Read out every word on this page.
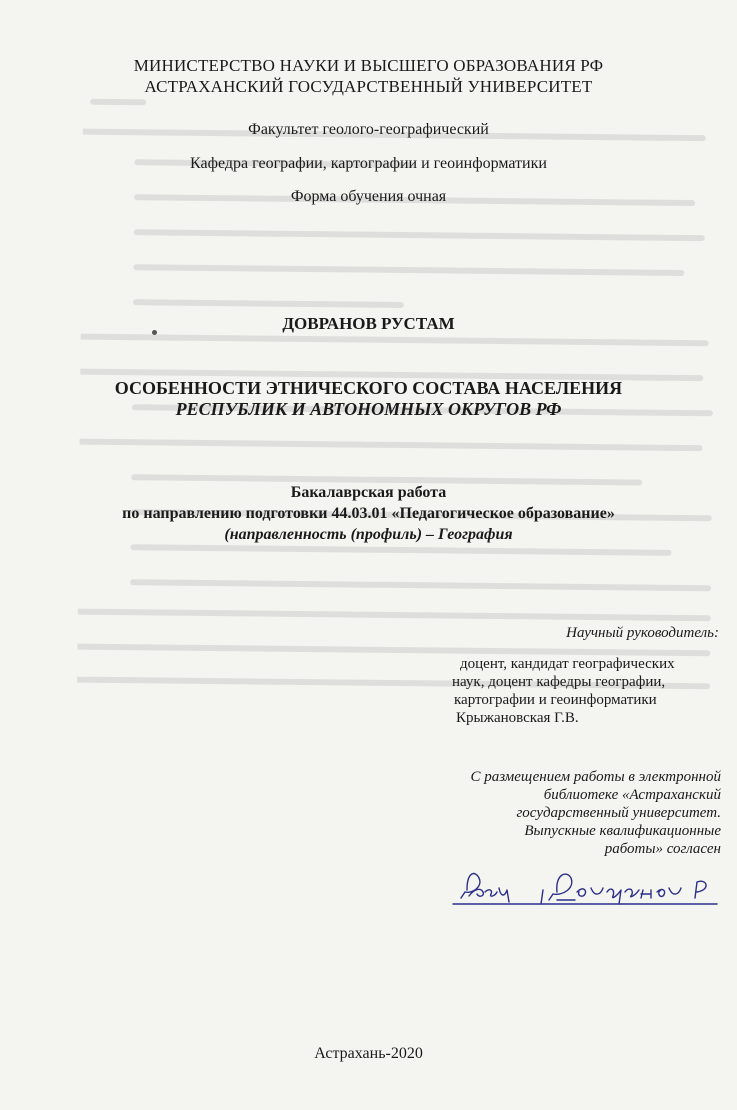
МИНИСТЕРСТВО НАУКИ И ВЫСШЕГО ОБРАЗОВАНИЯ РФ
АСТРАХАНСКИЙ ГОСУДАРСТВЕННЫЙ УНИВЕРСИТЕТ
Факультет геолого-географический
Кафедра географии, картографии и геоинформатики
Форма обучения очная
ДОВРАНОВ РУСТАМ
ОСОБЕННОСТИ ЭТНИЧЕСКОГО СОСТАВА НАСЕЛЕНИЯ
РЕСПУБЛИК И АВТОНОМНЫХ ОКРУГОВ РФ
Бакалаврская работа
по направлению подготовки 44.03.01 «Педагогическое образование»
(направленность (профиль) – География
Научный руководитель:
доцент, кандидат географических
наук, доцент кафедры географии,
картографии и геоинформатики
Крыжановская Г.В.
С размещением работы в электронной
библиотеке «Астраханский
государственный университет.
Выпускные квалификационные
работы» согласен
Астрахань-2020
